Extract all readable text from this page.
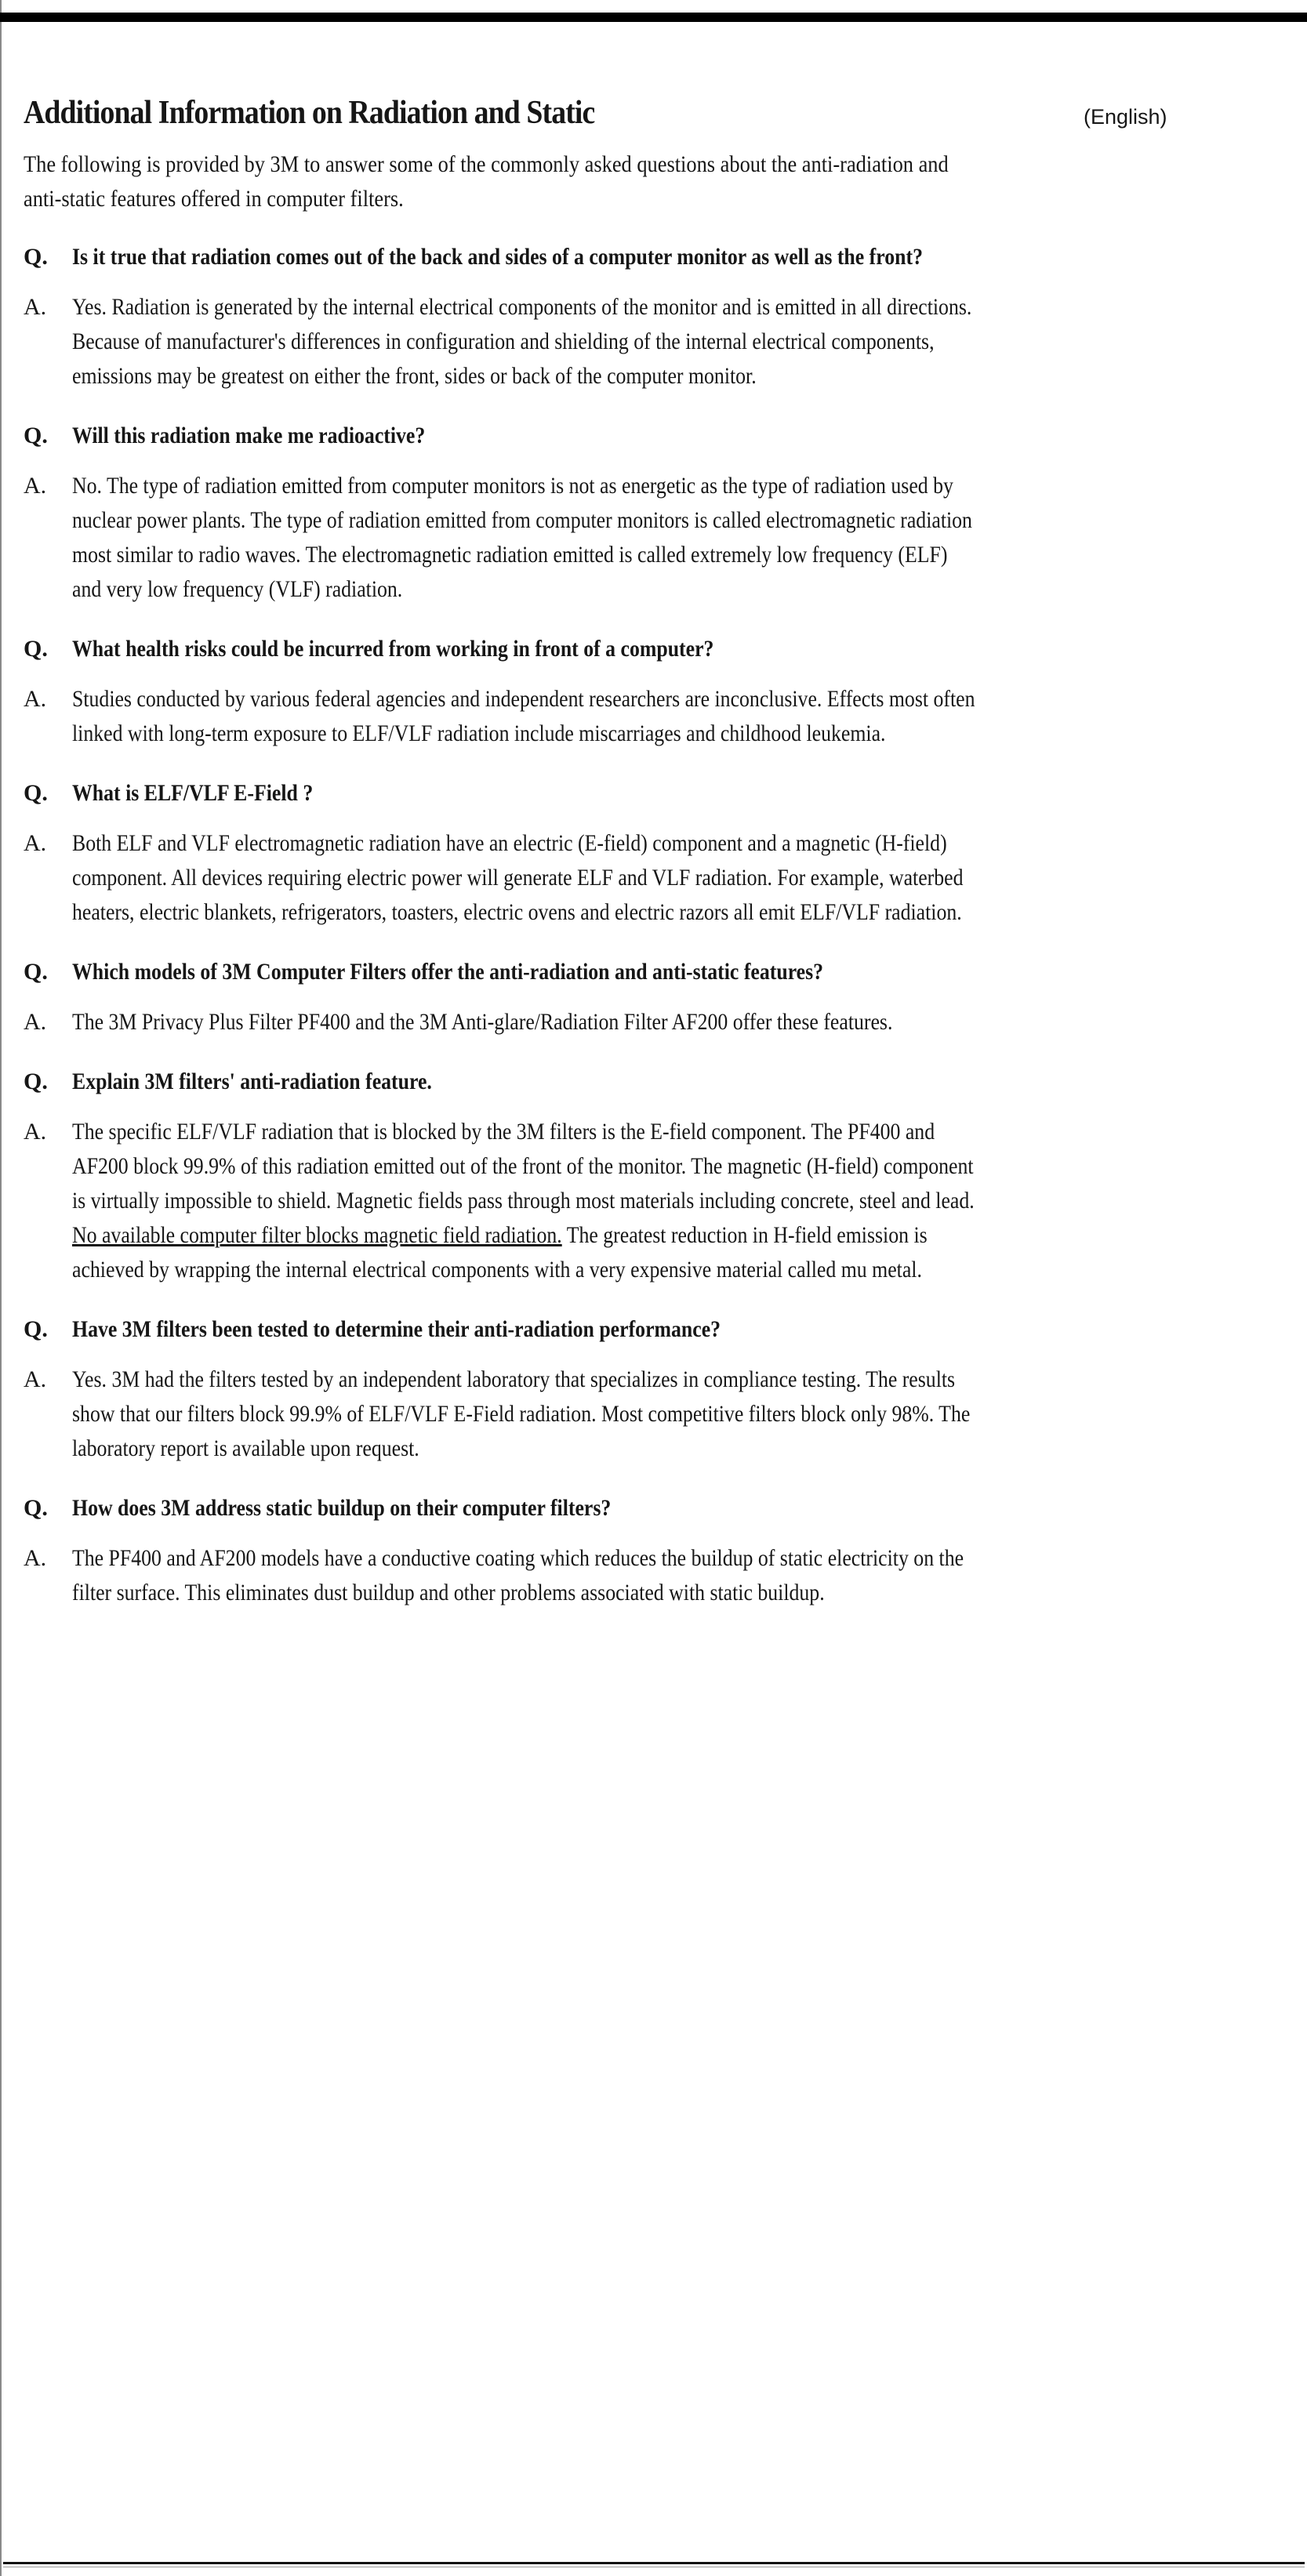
Additional Information on Radiation and Static	(English)
The following is provided by 3M to answer some of the commonly asked questions about the anti-radiation and
anti-static features offered in computer filters.
Q.	Is it true that radiation comes out of the back and sides of a computer monitor as well as the front?
A.	Yes. Radiation is generated by the internal electrical components of the monitor and is emitted in all directions.
Because of manufacturer's differences in configuration and shielding of the internal electrical components,
emissions may be greatest on either the front, sides or back of the computer monitor.
Q.	Will this radiation make me radioactive?
A.	No. The type of radiation emitted from computer monitors is not as energetic as the type of radiation used by
nuclear power plants. The type of radiation emitted from computer monitors is called electromagnetic radiation
most similar to radio waves. The electromagnetic radiation emitted is called extremely low frequency (ELF)
and very low frequency (VLF) radiation.
Q.	What health risks could be incurred from working in front of a computer?
A.	Studies conducted by various federal agencies and independent researchers are inconclusive. Effects most often
linked with long-term exposure to ELF/VLF radiation include miscarriages and childhood leukemia.
Q.	What is ELF/VLF E-Field ?
A.	Both ELF and VLF electromagnetic radiation have an electric (E-field) component and a magnetic (H-field)
component. All devices requiring electric power will generate ELF and VLF radiation. For example, waterbed
heaters, electric blankets, refrigerators, toasters, electric ovens and electric razors all emit ELF/VLF radiation.
Q.	Which models of 3M Computer Filters offer the anti-radiation and anti-static features?
A.	The 3M Privacy Plus Filter PF400 and the 3M Anti-glare/Radiation Filter AF200 offer these features.
Q.	Explain 3M filters' anti-radiation feature.
A.	The specific ELF/VLF radiation that is blocked by the 3M filters is the E-field component. The PF400 and
AF200 block 99.9% of this radiation emitted out of the front of the monitor. The magnetic (H-field) component
is virtually impossible to shield. Magnetic fields pass through most materials including concrete, steel and lead.
No available computer filter blocks magnetic field radiation. The greatest reduction in H-field emission is
achieved by wrapping the internal electrical components with a very expensive material called mu metal.
Q.	Have 3M filters been tested to determine their anti-radiation performance?
A.	Yes. 3M had the filters tested by an independent laboratory that specializes in compliance testing. The results
show that our filters block 99.9% of ELF/VLF E-Field radiation. Most competitive filters block only 98%. The
laboratory report is available upon request.
Q.	How does 3M address static buildup on their computer filters?
A.	The PF400 and AF200 models have a conductive coating which reduces the buildup of static electricity on the
filter surface. This eliminates dust buildup and other problems associated with static buildup.
